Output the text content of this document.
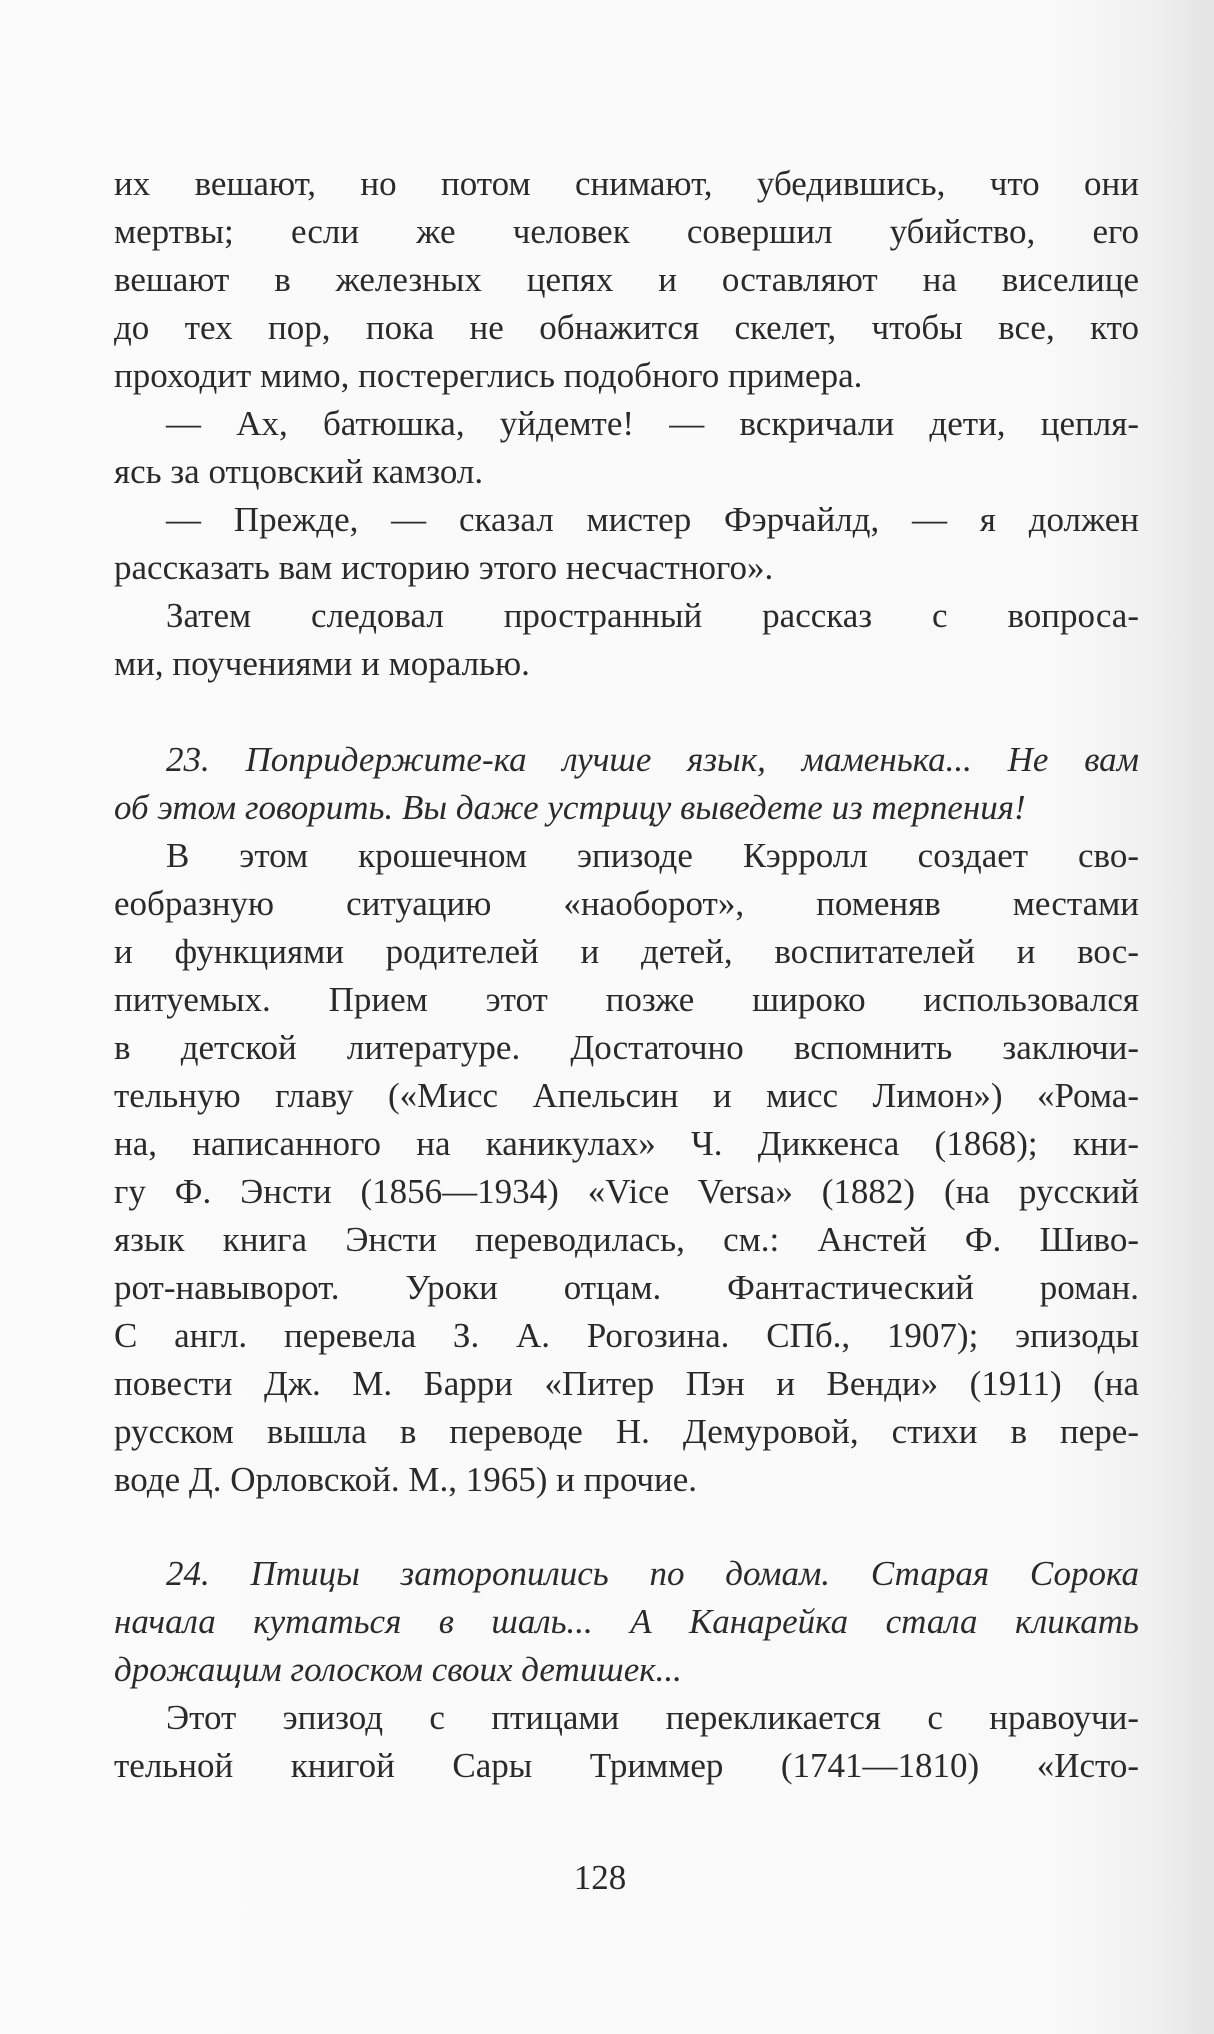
их вешают, но потом снимают, убедившись, что они
мертвы; если же человек совершил убийство, его
вешают в железных цепях и оставляют на виселице
до тех пор, пока не обнажится скелет, чтобы все, кто
проходит мимо, постереглись подобного примера.
— Ах, батюшка, уйдемте! — вскричали дети, цепля-
ясь за отцовский камзол.
— Прежде, — сказал мистер Фэрчайлд, — я должен
рассказать вам историю этого несчастного».
Затем следовал пространный рассказ с вопроса-
ми, поучениями и моралью.
23. Попридержите-ка лучше язык, маменька... Не вам
об этом говорить. Вы даже устрицу выведете из терпения!
В этом крошечном эпизоде Кэрролл создает сво-
еобразную ситуацию «наоборот», поменяв местами
и функциями родителей и детей, воспитателей и вос-
питуемых. Прием этот позже широко использовался
в детской литературе. Достаточно вспомнить заключи-
тельную главу («Мисс Апельсин и мисс Лимон») «Рома-
на, написанного на каникулах» Ч. Диккенса (1868); кни-
гу Ф. Энсти (1856—1934) «Vice Versa» (1882) (на русский
язык книга Энсти переводилась, см.: Анстей Ф. Шиво-
рот-навыворот. Уроки отцам. Фантастический роман.
С англ. перевела З. А. Рогозина. СПб., 1907); эпизоды
повести Дж. М. Барри «Питер Пэн и Венди» (1911) (на
русском вышла в переводе Н. Демуровой, стихи в пере-
воде Д. Орловской. М., 1965) и прочие.
24. Птицы заторопились по домам. Старая Сорока
начала кутаться в шаль... А Канарейка стала кликать
дрожащим голоском своих детишек...
Этот эпизод с птицами перекликается с нравоучи-
тельной книгой Сары Триммер (1741—1810) «Исто-
128
